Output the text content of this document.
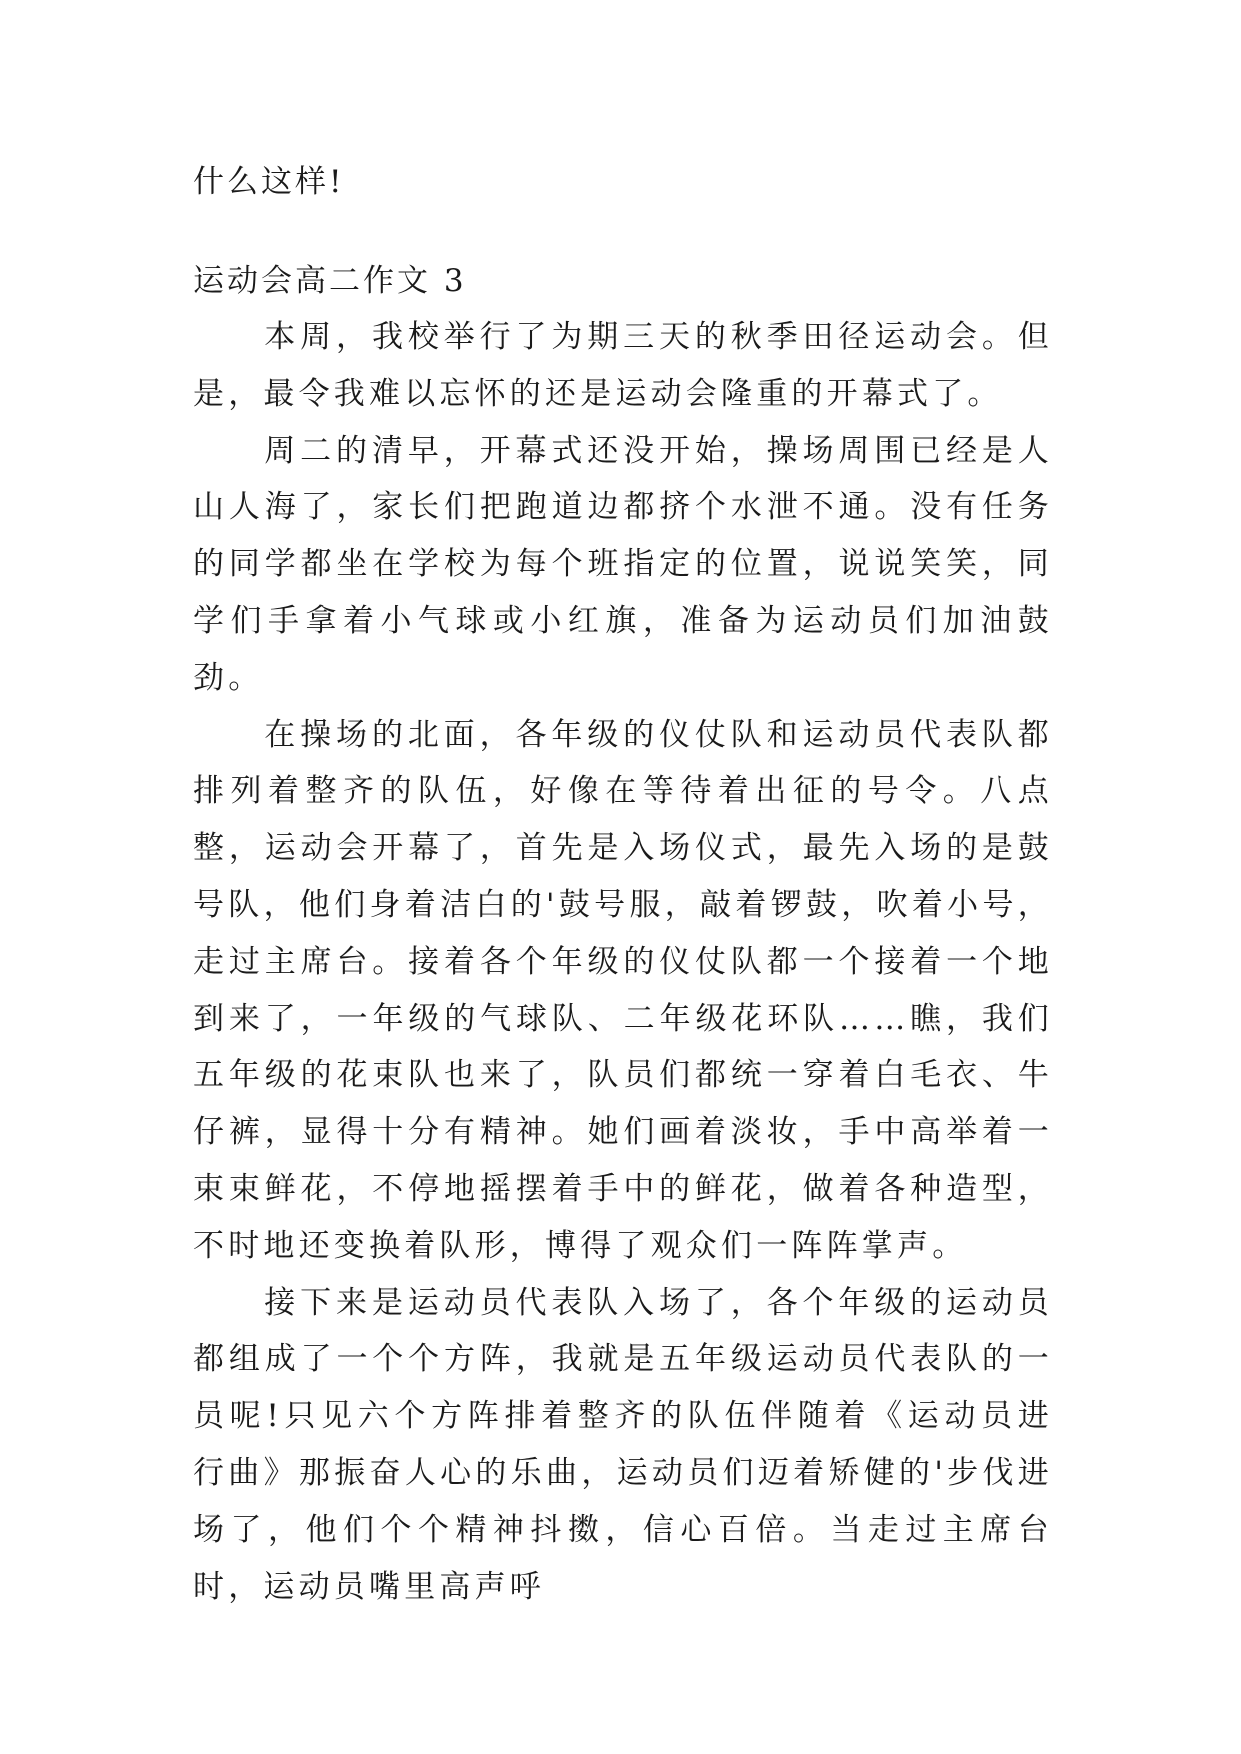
什么这样!
运动会高二作文 3

本周，我校举行了为期三天的秋季田径运动会。但是，最令我难以忘怀的还是运动会隆重的开幕式了。

周二的清早，开幕式还没开始，操场周围已经是人山人海了，家长们把跑道边都挤个水泄不通。没有任务的同学都坐在学校为每个班指定的位置，说说笑笑，同学们手拿着小气球或小红旗，准备为运动员们加油鼓劲。

在操场的北面，各年级的仪仗队和运动员代表队都排列着整齐的队伍，好像在等待着出征的号令。八点整，运动会开幕了，首先是入场仪式，最先入场的是鼓号队，他们身着洁白的'鼓号服，敲着锣鼓，吹着小号，走过主席台。接着各个年级的仪仗队都一个接着一个地到来了，一年级的气球队、二年级花环队……瞧，我们五年级的花束队也来了，队员们都统一穿着白毛衣、牛仔裤，显得十分有精神。她们画着淡妆，手中高举着一束束鲜花，不停地摇摆着手中的鲜花，做着各种造型，不时地还变换着队形，博得了观众们一阵阵掌声。

接下来是运动员代表队入场了，各个年级的运动员都组成了一个个方阵，我就是五年级运动员代表队的一员呢!只见六个方阵排着整齐的队伍伴随着《运动员进行曲》那振奋人心的乐曲，运动员们迈着矫健的'步伐进场了，他们个个精神抖擞，信心百倍。当走过主席台时，运动员嘴里高声呼
